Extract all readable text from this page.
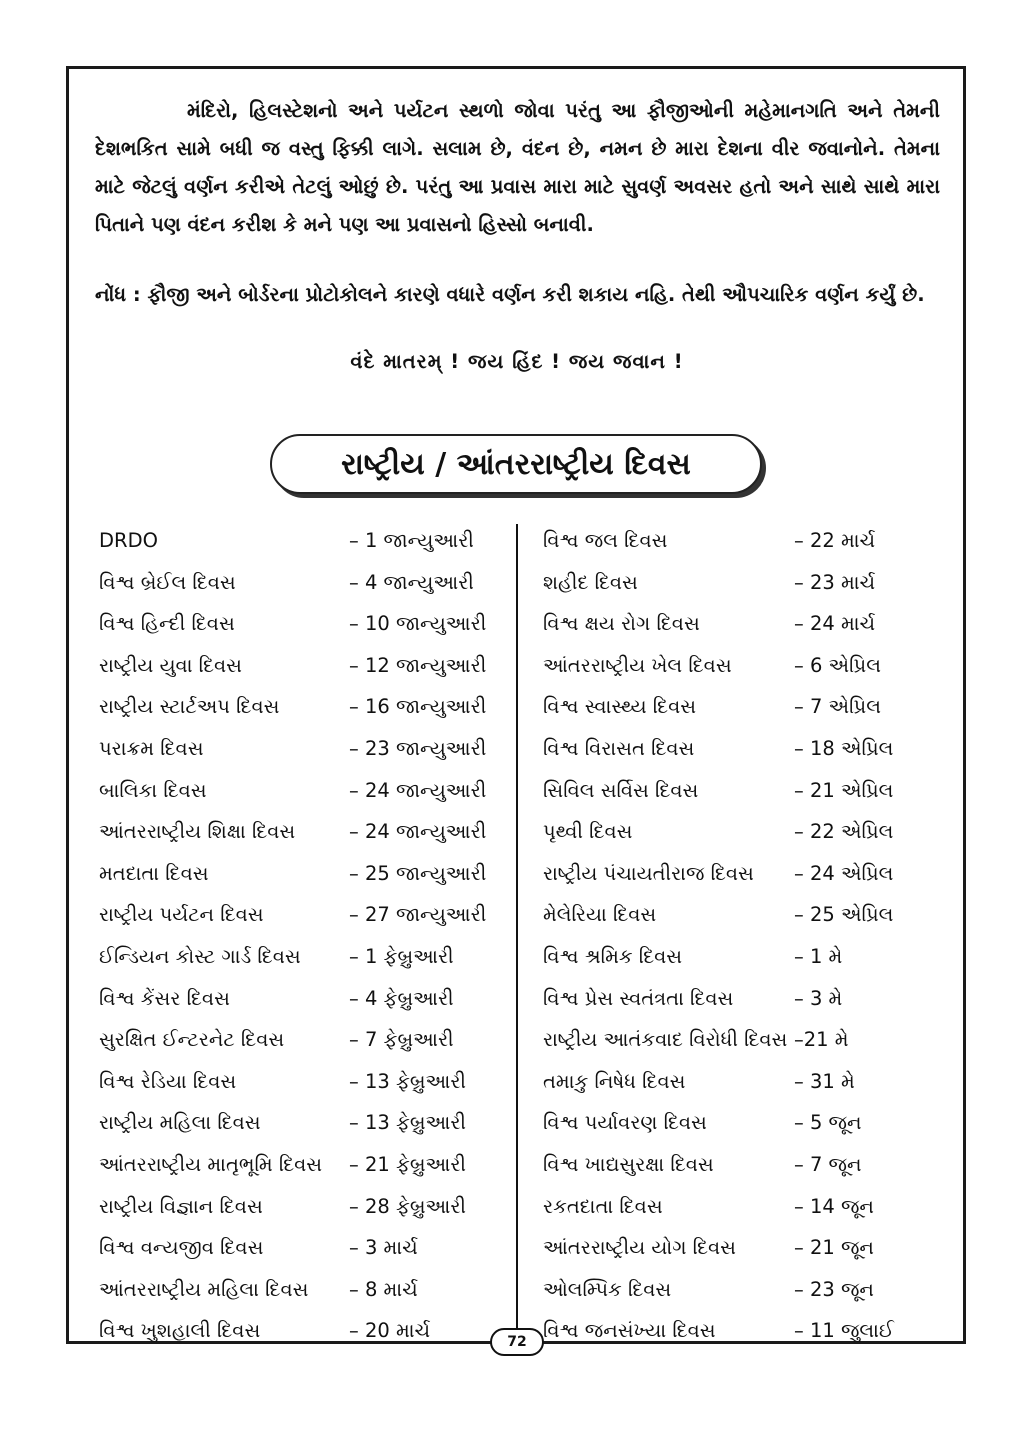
મંદિરો, હિલસ્ટેશનો અને પર્યટન સ્થળો જોવા પરંતુ આ ફૌજીઓની મહેમાનગતિ અને તેમની દેશભકિત સામે બધી જ વસ્તુ ફિક્કી લાગે. સલામ છે, વંદન છે, નમન છે મારા દેશના વીર જવાનોને. તેમના માટે જેટલું વર્ણન કરીએ તેટલું ઓછું છે. પરંતુ આ પ્રવાસ મારા માટે સુવર્ણ અવસર હતો અને સાથે સાથે મારા પિતાને પણ વંદન કરીશ કે મને પણ આ પ્રવાસનો હિસ્સો બનાવી.

નોંધ : ફૌજી અને બોર્ડરના પ્રોટોકોલને કારણે વધારે વર્ણન કરી શકાય નહિ. તેથી ઔપચારિક વર્ણન કર્યું છે.

વંદે માતરમ્ ! જય હિંદ ! જય જવાન !
રાષ્ટ્રીય / આંતરરાષ્ટ્રીય દિવસ
DRDO	– 1 જાન્યુઆરી
વિશ્વ બ્રેઈલ દિવસ	– 4 જાન્યુઆરી
વિશ્વ હિન્દી દિવસ	– 10 જાન્યુઆરી
રાષ્ટ્રીય યુવા દિવસ	– 12 જાન્યુઆરી
રાષ્ટ્રીય સ્ટાર્ટઅપ દિવસ	– 16 જાન્યુઆરી
પરાક્રમ દિવસ	– 23 જાન્યુઆરી
બાલિકા દિવસ	– 24 જાન્યુઆરી
આંતરરાષ્ટ્રીય શિક્ષા દિવસ	– 24 જાન્યુઆરી
મતદાતા દિવસ	– 25 જાન્યુઆરી
રાષ્ટ્રીય પર્યટન દિવસ	– 27 જાન્યુઆરી
ઈન્ડિયન કોસ્ટ ગાર્ડ દિવસ – 1 ફેબ્રુઆરી
વિશ્વ કેંસર દિવસ	– 4 ફેબ્રુઆરી
સુરક્ષિત ઈન્ટરનેટ દિવસ	– 7 ફેબ્રુઆરી
વિશ્વ રેડિયા દિવસ	– 13 ફેબ્રુઆરી
રાષ્ટ્રીય મહિલા દિવસ	– 13 ફેબ્રુઆરી
આંતરરાષ્ટ્રીય માતૃભૂમિ દિવસ – 21 ફેબ્રુઆરી
રાષ્ટ્રીય વિજ્ઞાન દિવસ	– 28 ફેબ્રુઆરી
વિશ્વ વન્યજીવ દિવસ	– 3 માર્ચ
આંતરરાષ્ટ્રીય મહિલા દિવસ – 8 માર્ચ
વિશ્વ ખુશહાલી દિવસ	– 20 માર્ચ
વિશ્વ જલ દિવસ	– 22 માર્ચ
શહીદ દિવસ	– 23 માર્ચ
વિશ્વ ક્ષય રોગ દિવસ	– 24 માર્ચ
આંતરરાષ્ટ્રીય ખેલ દિવસ	– 6 એપ્રિલ
વિશ્વ સ્વાસ્થ્ય દિવસ	– 7 એપ્રિલ
વિશ્વ વિરાસત દિવસ	– 18 એપ્રિલ
સિવિલ સર્વિસ દિવસ	– 21 એપ્રિલ
પૃથ્વી દિવસ	– 22 એપ્રિલ
રાષ્ટ્રીય પંચાયતીરાજ દિવસ – 24 એપ્રિલ
મેલેરિયા દિવસ	– 25 એપ્રિલ
વિશ્વ શ્રમિક દિવસ	– 1 મે
વિશ્વ પ્રેસ સ્વતંત્રતા દિવસ	– 3 મે
રાષ્ટ્રીય આતંકવાદ વિરોધી દિવસ –21 મે
તમાકુ નિષેધ દિવસ	– 31 મે
વિશ્વ પર્યાવરણ દિવસ	– 5 જૂન
વિશ્વ ખાદ્યસુરક્ષા દિવસ	– 7 જૂન
રકતદાતા દિવસ	– 14 જૂન
આંતરરાષ્ટ્રીય યોગ દિવસ	– 21 જૂન
ઓલમ્પિક દિવસ	– 23 જૂન
વિશ્વ જનસંખ્યા દિવસ	– 11 જુલાઈ
72
